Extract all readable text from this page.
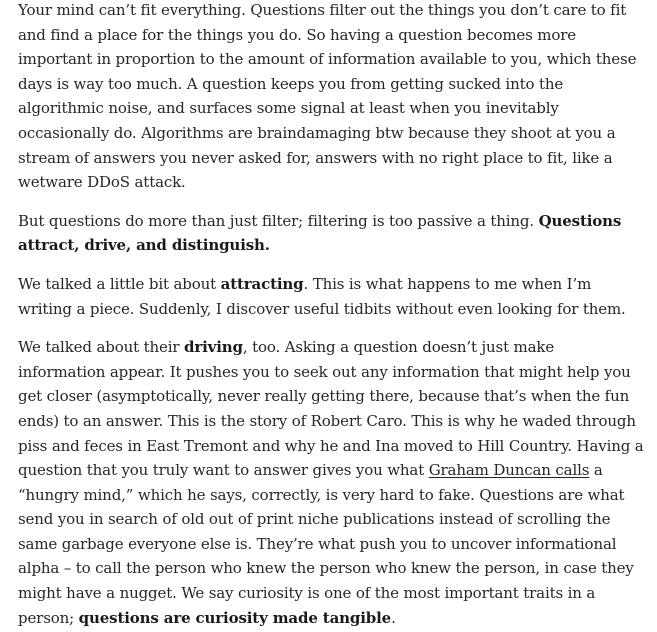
Your mind can’t fit everything. Questions filter out the things you don’t care to fit and find a place for the things you do. So having a question becomes more important in proportion to the amount of information available to you, which these days is way too much. A question keeps you from getting sucked into the algorithmic noise, and surfaces some signal at least when you inevitably occasionally do. Algorithms are braindamaging btw because they shoot at you a stream of answers you never asked for, answers with no right place to fit, like a wetware DDoS attack.

But questions do more than just filter; filtering is too passive a thing. Questions attract, drive, and distinguish.

We talked a little bit about attracting. This is what happens to me when I’m writing a piece. Suddenly, I discover useful tidbits without even looking for them.

We talked about their driving, too. Asking a question doesn’t just make information appear. It pushes you to seek out any information that might help you get closer (asymptotically, never really getting there, because that’s when the fun ends) to an answer. This is the story of Robert Caro. This is why he waded through piss and feces in East Tremont and why he and Ina moved to Hill Country. Having a question that you truly want to answer gives you what Graham Duncan calls a “hungry mind,” which he says, correctly, is very hard to fake. Questions are what send you in search of old out of print niche publications instead of scrolling the same garbage everyone else is. They’re what push you to uncover informational alpha – to call the person who knew the person who knew the person, in case they might have a nugget. We say curiosity is one of the most important traits in a person; questions are curiosity made tangible.
